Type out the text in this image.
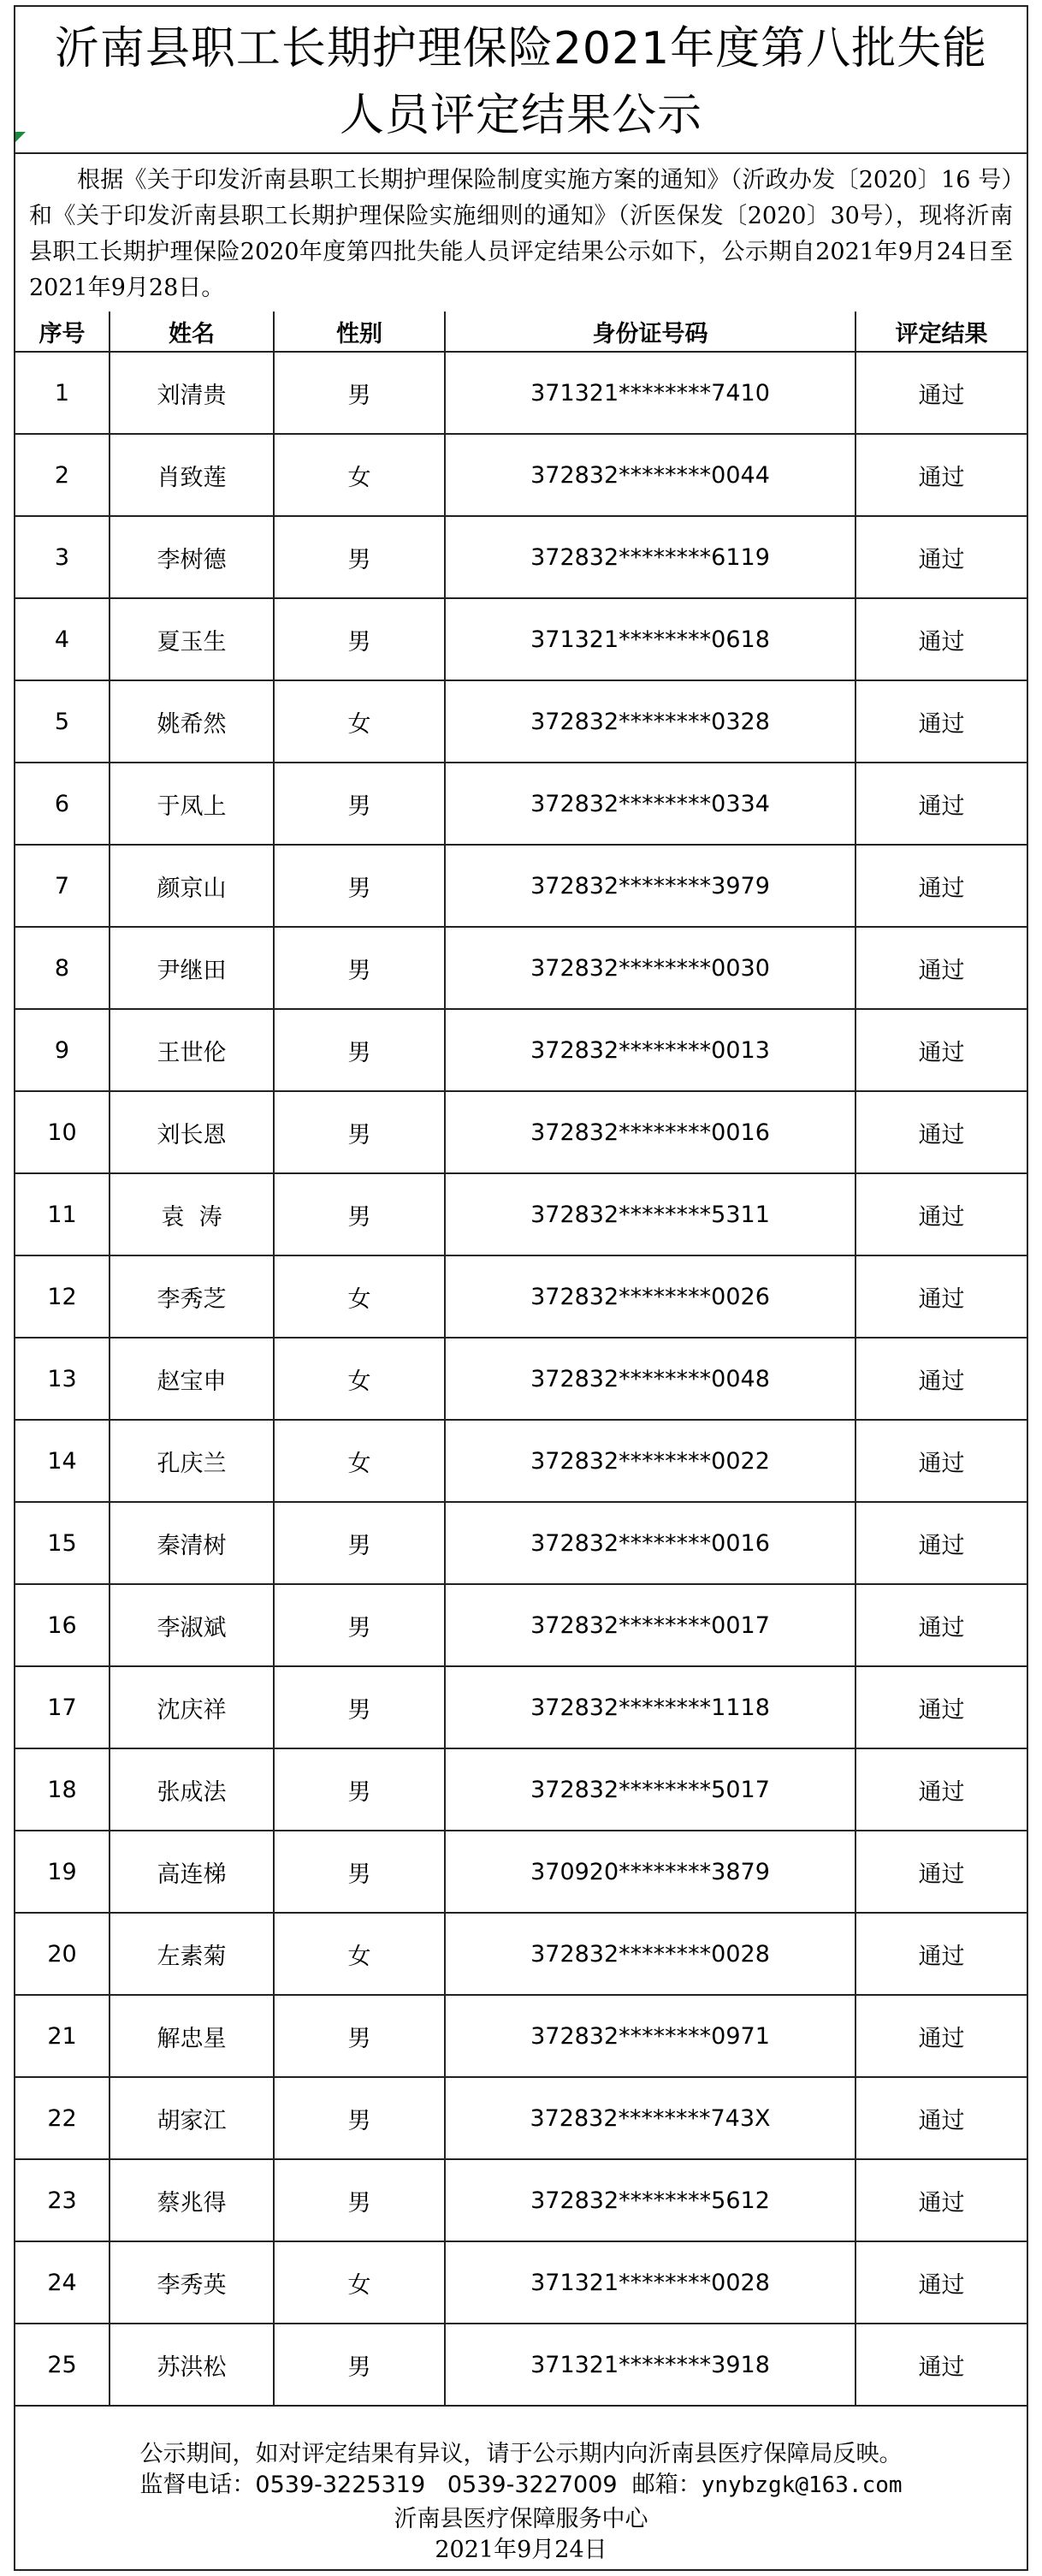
沂南县职工长期护理保险2021年度第八批失能
人员评定结果公示
根据《关于印发沂南县职工长期护理保险制度实施方案的通知》（沂政办发〔2020〕16 号）和《关于印发沂南县职工长期护理保险实施细则的通知》（沂医保发〔2020〕30号），现将沂南县职工长期护理保险2020年度第四批失能人员评定结果公示如下，公示期自2021年9月24日至2021年9月28日。
序号	姓名	性别	身份证号码	评定结果
1	刘清贵	男	371321********7410	通过
2	肖致莲	女	372832********0044	通过
3	李树德	男	372832********6119	通过
4	夏玉生	男	371321********0618	通过
5	姚希然	女	372832********0328	通过
6	于凤上	男	372832********0334	通过
7	颜京山	男	372832********3979	通过
8	尹继田	男	372832********0030	通过
9	王世伦	男	372832********0013	通过
10	刘长恩	男	372832********0016	通过
11	袁  涛	男	372832********5311	通过
12	李秀芝	女	372832********0026	通过
13	赵宝申	女	372832********0048	通过
14	孔庆兰	女	372832********0022	通过
15	秦清树	男	372832********0016	通过
16	李淑斌	男	372832********0017	通过
17	沈庆祥	男	372832********1118	通过
18	张成法	男	372832********5017	通过
19	高连梯	男	370920********3879	通过
20	左素菊	女	372832********0028	通过
21	解忠星	男	372832********0971	通过
22	胡家江	男	372832********743X	通过
23	蔡兆得	男	372832********5612	通过
24	李秀英	女	371321********0028	通过
25	苏洪松	男	371321********3918	通过
公示期间，如对评定结果有异议，请于公示期内向沂南县医疗保障局反映。
监督电话：0539-3225319 0539-3227009 邮箱：ynybzgk@163.com
沂南县医疗保障服务中心
2021年9月24日
